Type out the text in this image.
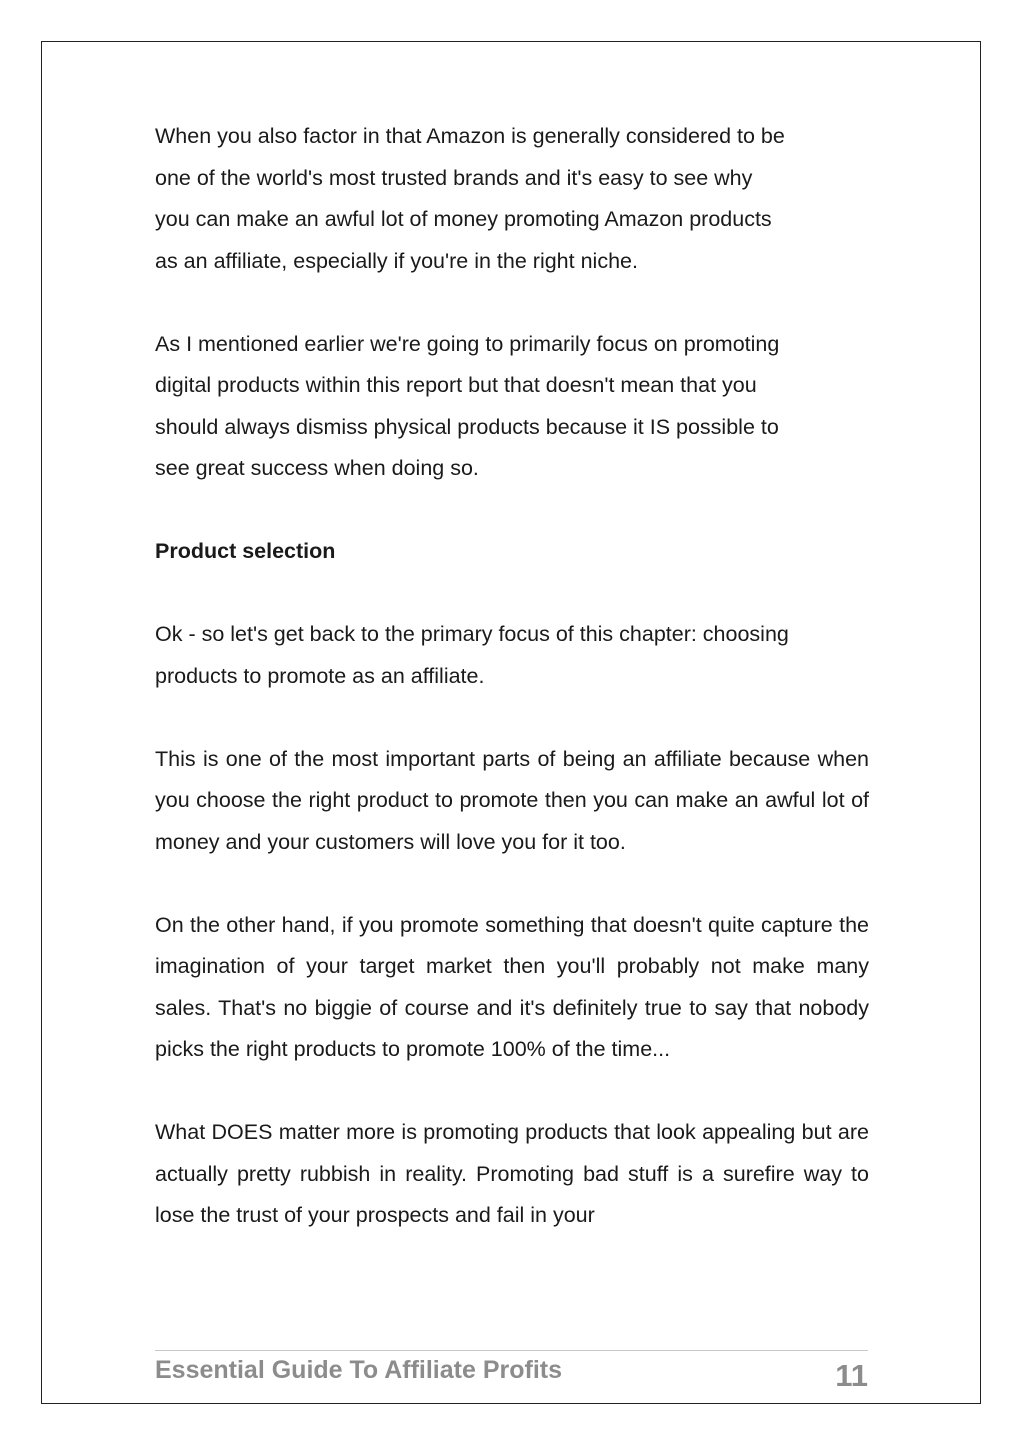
When you also factor in that Amazon is generally considered to be
one of the world's most trusted brands and it's easy to see why
you can make an awful lot of money promoting Amazon products
as an affiliate, especially if you're in the right niche.

As I mentioned earlier we're going to primarily focus on promoting
digital products within this report but that doesn't mean that you
should always dismiss physical products because it IS possible to
see great success when doing so.

Product selection

Ok - so let's get back to the primary focus of this chapter: choosing
products to promote as an affiliate.

This is one of the most important parts of being an affiliate because when you choose the right product to promote then you can make an awful lot of money and your customers will love you for it too.

On the other hand, if you promote something that doesn't quite capture the imagination of your target market then you'll probably not make many sales. That's no biggie of course and it's definitely true to say that nobody picks the right products to promote 100% of the time...

What DOES matter more is promoting products that look appealing but are actually pretty rubbish in reality. Promoting bad stuff is a surefire way to lose the trust of your prospects and fail in your

Essential Guide To Affiliate Profits	11
